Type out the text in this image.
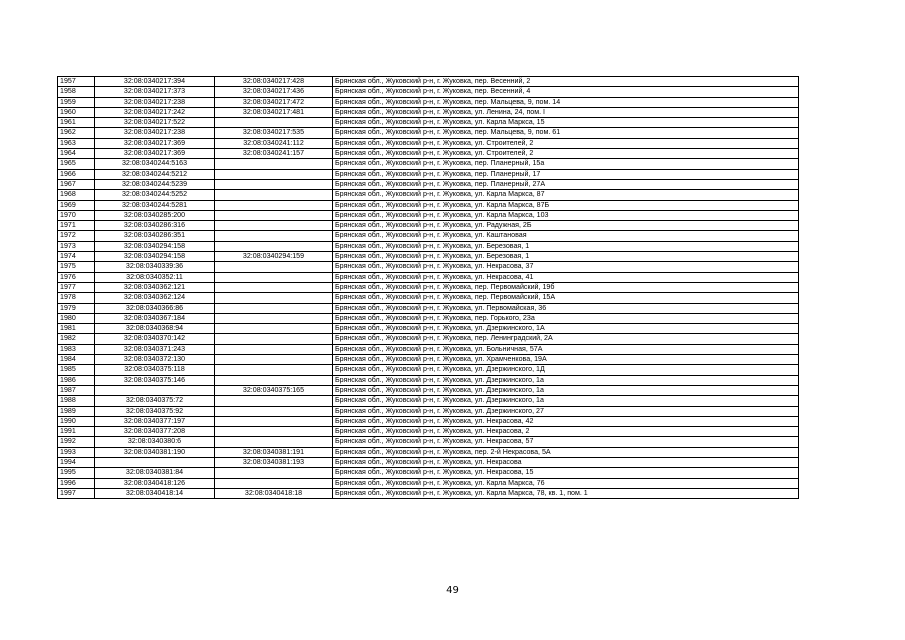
1957	32:08:0340217:394	32:08:0340217:428	Брянская обл., Жуковский р-н, г. Жуковка, пер. Весенний, 2
1958	32:08:0340217:373	32:08:0340217:436	Брянская обл., Жуковский р-н, г. Жуковка, пер. Весенний, 4
1959	32:08:0340217:238	32:08:0340217:472	Брянская обл., Жуковский р-н, г. Жуковка, пер. Мальцева, 9, пом. 14
1960	32:08:0340217:242	32:08:0340217:481	Брянская обл., Жуковский р-н, г. Жуковка, ул. Ленина, 24, пом. I
1961	32:08:0340217:522		Брянская обл., Жуковский р-н, г. Жуковка, ул. Карла Маркса, 15
1962	32:08:0340217:238	32:08:0340217:535	Брянская обл., Жуковский р-н, г. Жуковка, пер. Мальцева, 9, пом. 61
1963	32:08:0340217:369	32:08:0340241:112	Брянская обл., Жуковский р-н, г. Жуковка, ул. Строителей, 2
1964	32:08:0340217:369	32:08:0340241:157	Брянская обл., Жуковский р-н, г. Жуковка, ул. Строителей, 2
1965	32:08:0340244:5163		Брянская обл., Жуковский р-н, г. Жуковка, пер. Планерный, 15а
1966	32:08:0340244:5212		Брянская обл., Жуковский р-н, г. Жуковка, пер. Планерный, 17
1967	32:08:0340244:5239		Брянская обл., Жуковский р-н, г. Жуковка, пер. Планерный, 27А
1968	32:08:0340244:5252		Брянская обл., Жуковский р-н, г. Жуковка, ул. Карла Маркса, 87
1969	32:08:0340244:5281		Брянская обл., Жуковский р-н, г. Жуковка, ул. Карла Маркса, 87Б
1970	32:08:0340285:200		Брянская обл., Жуковский р-н, г. Жуковка, ул. Карла Маркса, 103
1971	32:08:0340286:316		Брянская обл., Жуковский р-н, г. Жуковка, ул. Радужная, 2Б
1972	32:08:0340286:351		Брянская обл., Жуковский р-н, г. Жуковка, ул. Каштановая
1973	32:08:0340294:158		Брянская обл., Жуковский р-н, г. Жуковка, ул. Березовая, 1
1974	32:08:0340294:158	32:08:0340294:159	Брянская обл., Жуковский р-н, г. Жуковка, ул. Березовая, 1
1975	32:08:0340339:36		Брянская обл., Жуковский р-н, г. Жуковка, ул. Некрасова, 37
1976	32:08:0340352:11		Брянская обл., Жуковский р-н, г. Жуковка, ул. Некрасова, 41
1977	32:08:0340362:121		Брянская обл., Жуковский р-н, г. Жуковка, пер. Первомайский, 19б
1978	32:08:0340362:124		Брянская обл., Жуковский р-н, г. Жуковка, пер. Первомайский, 15А
1979	32:08:0340366:86		Брянская обл., Жуковский р-н, г. Жуковка, ул. Первомайская, 36
1980	32:08:0340367:184		Брянская обл., Жуковский р-н, г. Жуковка, пер. Горького, 23а
1981	32:08:0340368:94		Брянская обл., Жуковский р-н, г. Жуковка, ул. Дзержинского, 1А
1982	32:08:0340370:142		Брянская обл., Жуковский р-н, г. Жуковка, пер. Ленинградский, 2А
1983	32:08:0340371:243		Брянская обл., Жуковский р-н, г. Жуковка, ул. Больничная, 57А
1984	32:08:0340372:130		Брянская обл., Жуковский р-н, г. Жуковка, ул. Храмченкова, 19А
1985	32:08:0340375:118		Брянская обл., Жуковский р-н, г. Жуковка, ул. Дзержинского, 1Д
1986	32:08:0340375:146		Брянская обл., Жуковский р-н, г. Жуковка, ул. Дзержинского, 1а
1987		32:08:0340375:165	Брянская обл., Жуковский р-н, г. Жуковка, ул. Дзержинского, 1а
1988	32:08:0340375:72		Брянская обл., Жуковский р-н, г. Жуковка, ул. Дзержинского, 1а
1989	32:08:0340375:92		Брянская обл., Жуковский р-н, г. Жуковка, ул. Дзержинского, 27
1990	32:08:0340377:197		Брянская обл., Жуковский р-н, г. Жуковка, ул. Некрасова, 42
1991	32:08:0340377:208		Брянская обл., Жуковский р-н, г. Жуковка, ул. Некрасова, 2
1992	32:08:0340380:6		Брянская обл., Жуковский р-н, г. Жуковка, ул. Некрасова, 57
1993	32:08:0340381:190	32:08:0340381:191	Брянская обл., Жуковский р-н, г. Жуковка, пер. 2-й Некрасова, 5А
1994		32:08:0340381:193	Брянская обл., Жуковский р-н, г. Жуковка, ул. Некрасова
1995	32:08:0340381:84		Брянская обл., Жуковский р-н, г. Жуковка, ул. Некрасова, 15
1996	32:08:0340418:126		Брянская обл., Жуковский р-н, г. Жуковка, ул. Карла Маркса, 76
1997	32:08:0340418:14	32:08:0340418:18	Брянская обл., Жуковский р-н, г. Жуковка, ул. Карла Маркса, 78, кв. 1, пом. 1
49
